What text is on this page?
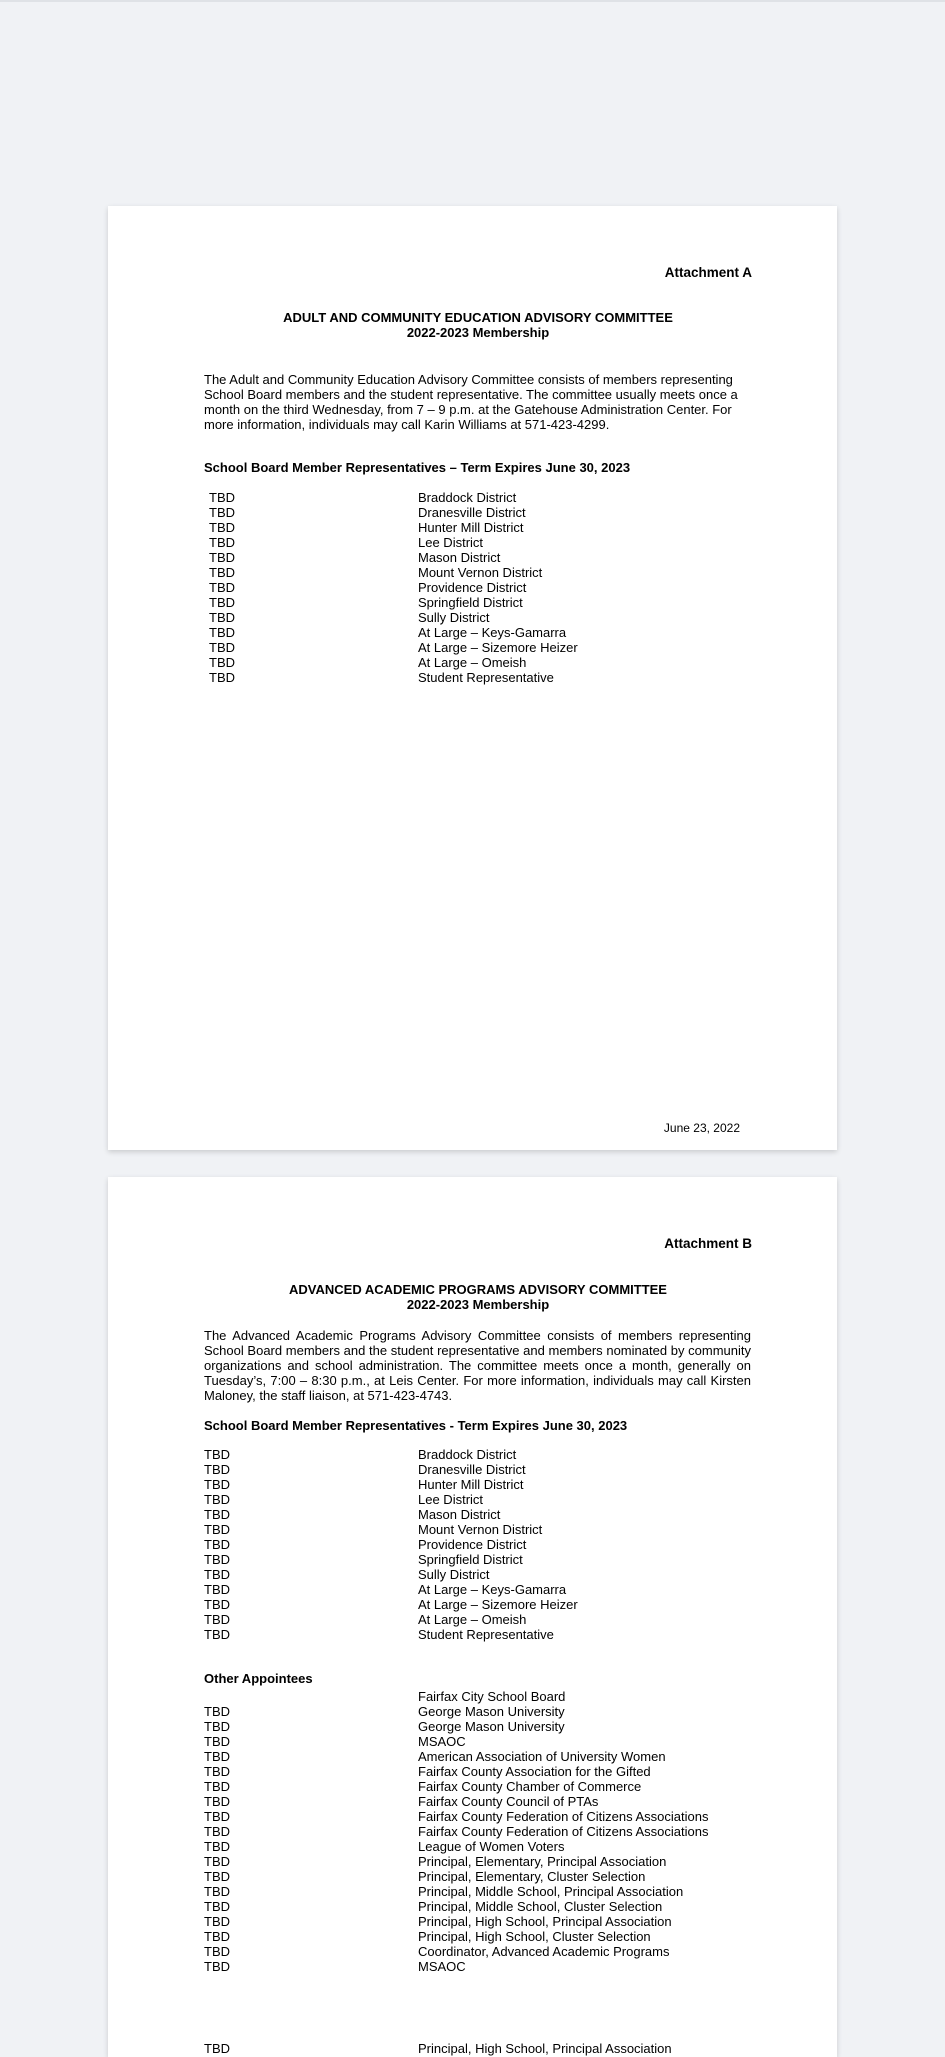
Attachment A
ADULT AND COMMUNITY EDUCATION ADVISORY COMMITTEE
2022-2023 Membership
The Adult and Community Education Advisory Committee consists of members representing School Board members and the student representative. The committee usually meets once a month on the third Wednesday, from 7 – 9 p.m. at the Gatehouse Administration Center. For more information, individuals may call Karin Williams at 571-423-4299.
School Board Member Representatives – Term Expires June 30, 2023
TBD	Braddock District
TBD	Dranesville District
TBD	Hunter Mill District
TBD	Lee District
TBD	Mason District
TBD	Mount Vernon District
TBD	Providence District
TBD	Springfield District
TBD	Sully District
TBD	At Large – Keys-Gamarra
TBD	At Large – Sizemore Heizer
TBD	At Large – Omeish
TBD	Student Representative
June 23, 2022
Attachment B
ADVANCED ACADEMIC PROGRAMS ADVISORY COMMITTEE
2022-2023 Membership
The Advanced Academic Programs Advisory Committee consists of members representing School Board members and the student representative and members nominated by community organizations and school administration. The committee meets once a month, generally on Tuesday’s, 7:00 – 8:30 p.m., at Leis Center. For more information, individuals may call Kirsten Maloney, the staff liaison, at 571-423-4743.
School Board Member Representatives - Term Expires June 30, 2023
TBD	Braddock District
TBD	Dranesville District
TBD	Hunter Mill District
TBD	Lee District
TBD	Mason District
TBD	Mount Vernon District
TBD	Providence District
TBD	Springfield District
TBD	Sully District
TBD	At Large – Keys-Gamarra
TBD	At Large – Sizemore Heizer
TBD	At Large – Omeish
TBD	Student Representative
Other Appointees
Fairfax City School Board
TBD	George Mason University
TBD	George Mason University
TBD	MSAOC
TBD	American Association of University Women
TBD	Fairfax County Association for the Gifted
TBD	Fairfax County Chamber of Commerce
TBD	Fairfax County Council of PTAs
TBD	Fairfax County Federation of Citizens Associations
TBD	Fairfax County Federation of Citizens Associations
TBD	League of Women Voters
TBD	Principal, Elementary, Principal Association
TBD	Principal, Elementary, Cluster Selection
TBD	Principal, Middle School, Principal Association
TBD	Principal, Middle School, Cluster Selection
TBD	Principal, High School, Principal Association
TBD	Principal, High School, Cluster Selection
TBD	Coordinator, Advanced Academic Programs
TBD	MSAOC
TBD	Principal, High School, Principal Association
